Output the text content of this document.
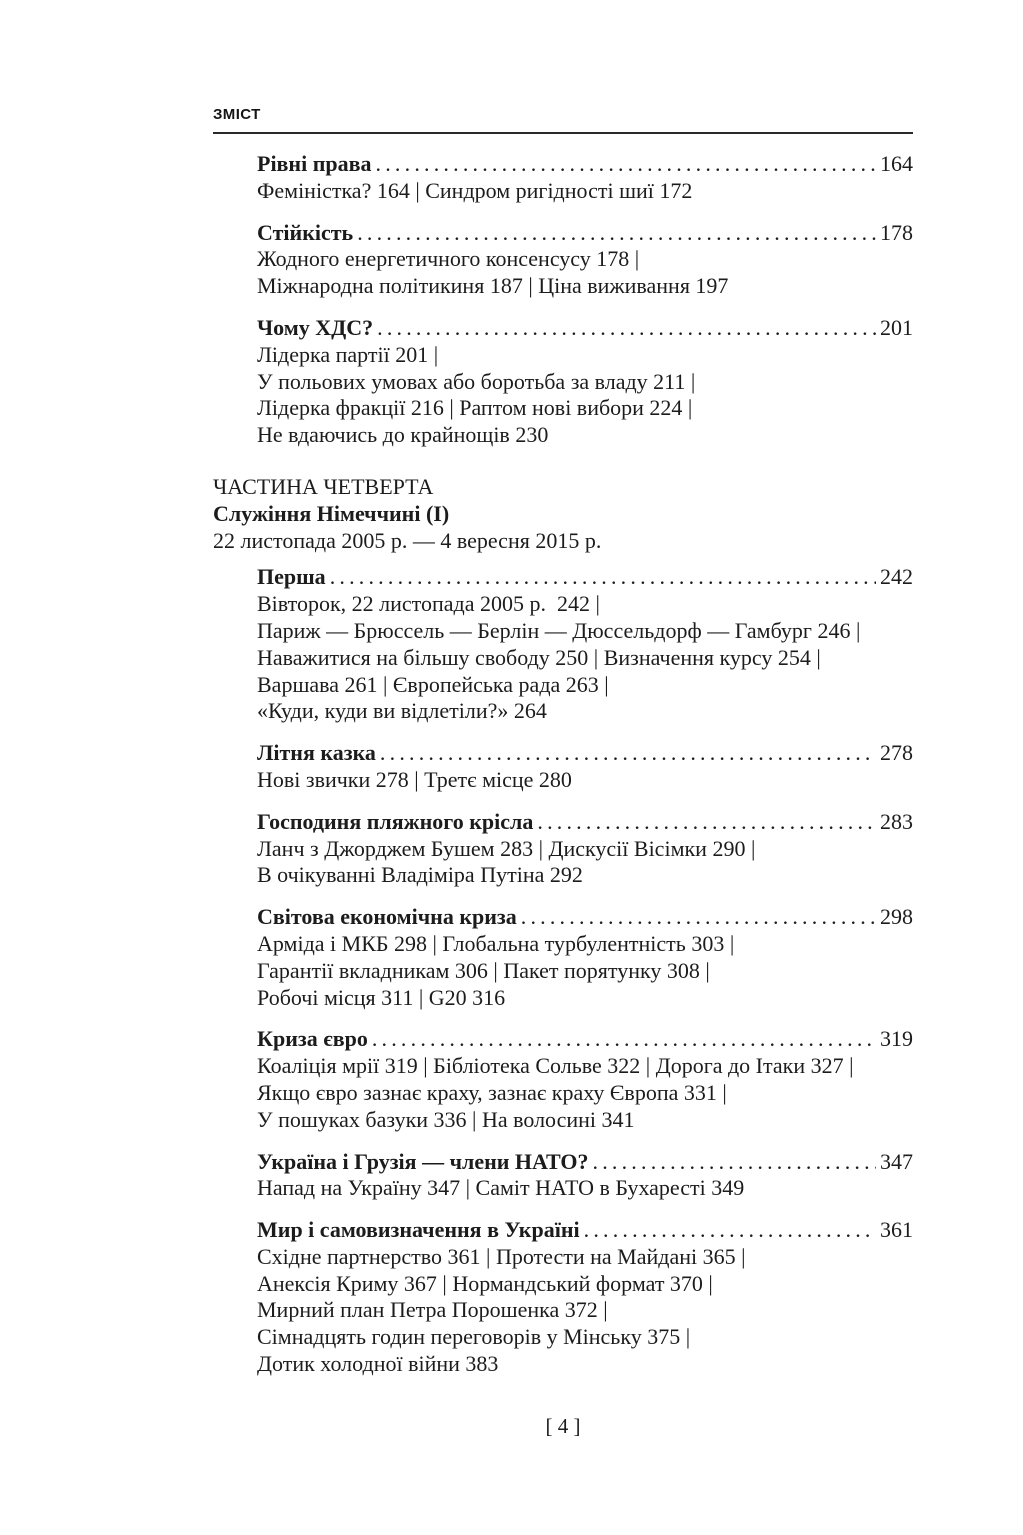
ЗМІСТ
Рівні права .....	164
Феміністка? 164 | Синдром ригідності шиї 172
Стійкість .....	178
Жодного енергетичного консенсусу 178 |
Міжнародна політикиня 187 | Ціна виживання 197
Чому ХДС? .....	201
Лідерка партії 201 |
У польових умовах або боротьба за владу 211 |
Лідерка фракції 216 | Раптом нові вибори 224 |
Не вдаючись до крайнощів 230
ЧАСТИНА ЧЕТВЕРТА
Служіння Німеччині (I)
22 листопада 2005 р. — 4 вересня 2015 р.
Перша .....	242
Вівторок, 22 листопада 2005 р.  242 |
Париж — Брюссель — Берлін — Дюссельдорф — Гамбург 246 |
Наважитися на більшу свободу 250 | Визначення курсу 254 |
Варшава 261 | Європейська рада 263 |
«Куди, куди ви відлетіли?» 264
Літня казка .....	278
Нові звички 278 | Третє місце 280
Господиня пляжного крісла .....	283
Ланч з Джорджем Бушем 283 | Дискусії Вісімки 290 |
В очікуванні Владіміра Путіна 292
Світова економічна криза .....	298
Арміда і МКБ 298 | Глобальна турбулентність 303 |
Гарантії вкладникам 306 | Пакет порятунку 308 |
Робочі місця 311 | G20 316
Криза євро .....	319
Коаліція мрії 319 | Бібліотека Сольве 322 | Дорога до Ітаки 327 |
Якщо євро зазнає краху, зазнає краху Європа 331 |
У пошуках базуки 336 | На волосині 341
Україна і Грузія — члени НАТО? .....	347
Напад на Україну 347 | Саміт НАТО в Бухаресті 349
Мир і самовизначення в Україні .....	361
Східне партнерство 361 | Протести на Майдані 365 |
Анексія Криму 367 | Нормандський формат 370 |
Мирний план Петра Порошенка 372 |
Сімнадцять годин переговорів у Мінську 375 |
Дотик холодної війни 383
[ 4 ]
